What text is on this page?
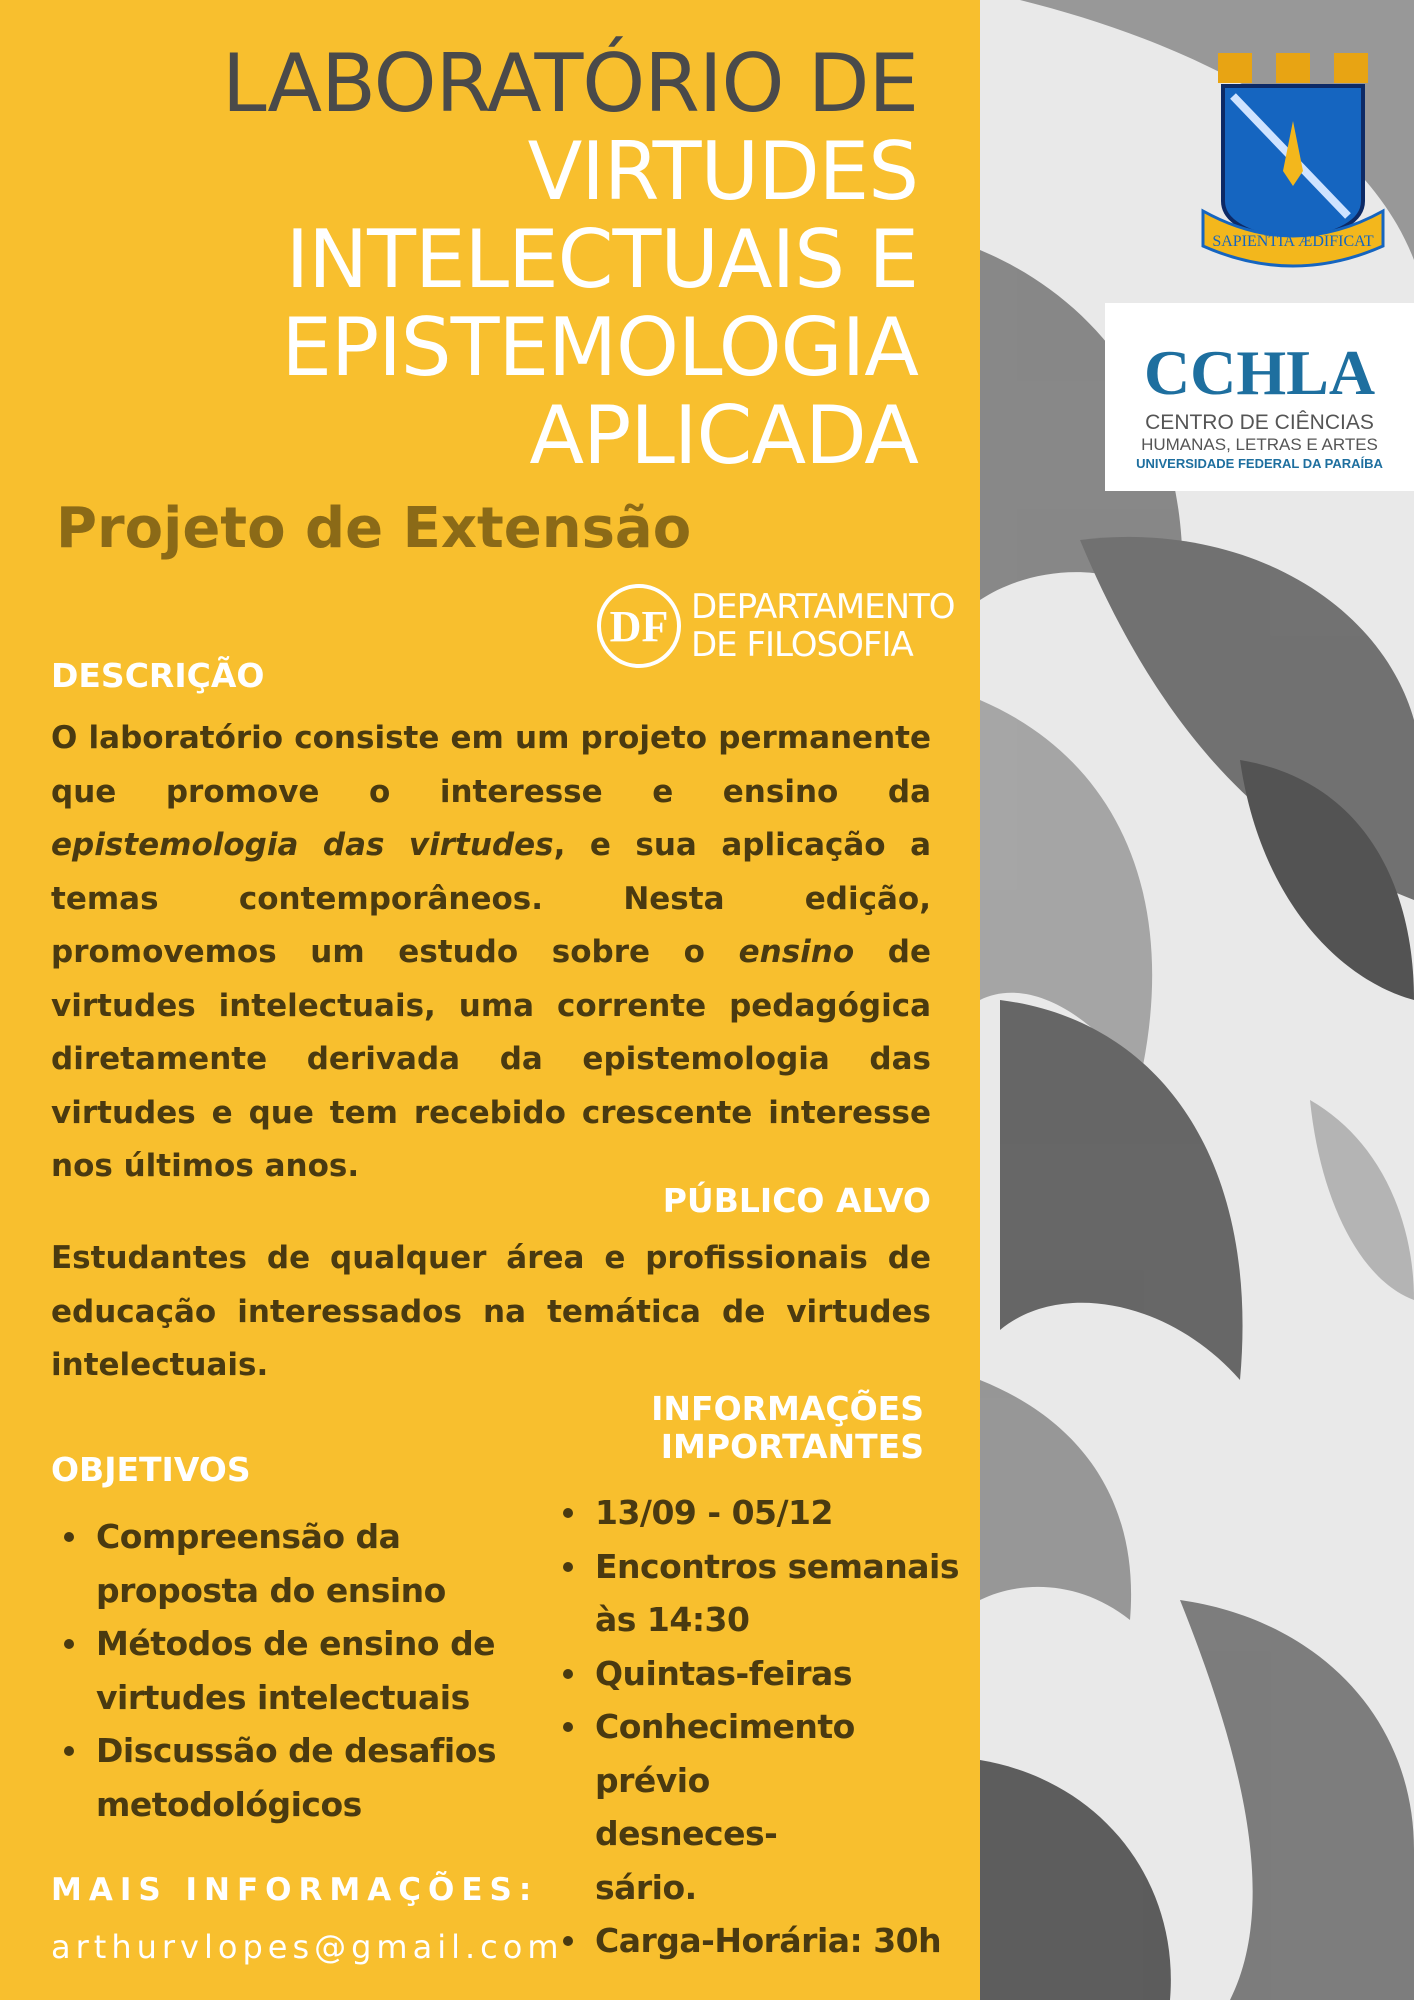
LABORATÓRIO DE
VIRTUDES
INTELECTUAIS E
EPISTEMOLOGIA
APLICADA
Projeto de Extensão
DF DEPARTAMENTO
DE FILOSOFIA
SAPIENTIA ÆDIFICAT
CCHLA
CENTRO DE CIÊNCIAS
HUMANAS, LETRAS E ARTES
UNIVERSIDADE FEDERAL DA PARAÍBA
DESCRIÇÃO
O laboratório consiste em um projeto permanente que promove o interesse e ensino da epistemologia das virtudes, e sua aplicação a temas contemporâneos. Nesta edição, promovemos um estudo sobre o ensino de virtudes intelectuais, uma corrente pedagógica diretamente derivada da epistemologia das virtudes e que tem recebido crescente interesse nos últimos anos.
PÚBLICO ALVO
Estudantes de qualquer área e profissionais de educação interessados na temática de virtudes intelectuais.
INFORMAÇÕES
IMPORTANTES
OBJETIVOS
Compreensão da proposta do ensino
Métodos de ensino de virtudes intelectuais
Discussão de desafios metodológicos
13/09 - 05/12
Encontros semanais às 14:30
Quintas-feiras
Conhecimento prévio desneces- sário.
Carga-Horária: 30h
MAIS INFORMAÇÕES:
arthurvlopes@gmail.com
